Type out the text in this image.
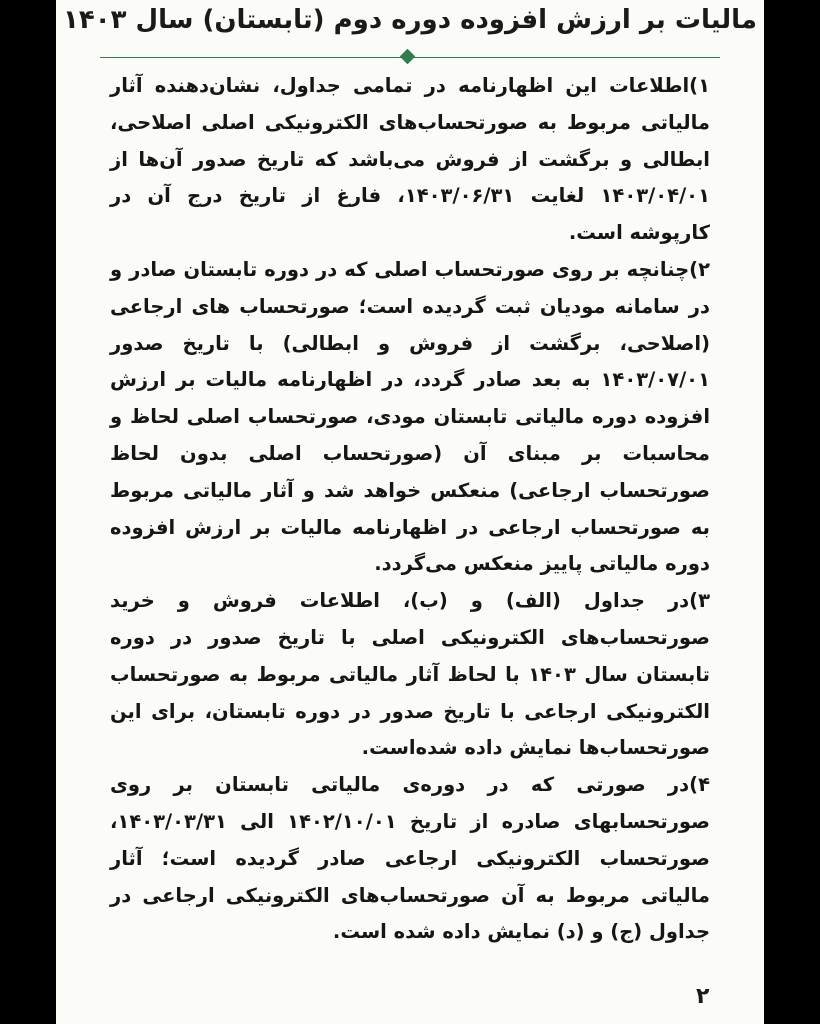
مالیات بر ارزش افزوده دوره دوم (تابستان) سال ۱۴۰۳

۱)اطلاعات این اظهارنامه در تمامی جداول، نشان‌دهنده آثار مالیاتی مربوط به صورتحساب‌های الکترونیکی اصلی اصلاحی، ابطالی و برگشت از فروش می‌باشد که تاریخ صدور آن‌ها از ۱۴۰۳/۰۴/۰۱ لغایت ۱۴۰۳/۰۶/۳۱، فارغ از تاریخ درج آن در کارپوشه است.

۲)چنانچه بر روی صورتحساب اصلی که در دوره تابستان صادر و در سامانه مودیان ثبت گردیده است؛ صورتحساب های ارجاعی (اصلاحی، برگشت از فروش و ابطالی) با تاریخ صدور ۱۴۰۳/۰۷/۰۱ به بعد صادر گردد، در اظهارنامه مالیات بر ارزش افزوده دوره مالیاتی تابستان مودی، صورتحساب اصلی لحاظ و محاسبات بر مبنای آن (صورتحساب اصلی بدون لحاظ صورتحساب ارجاعی) منعکس خواهد شد و آثار مالیاتی مربوط به صورتحساب ارجاعی در اظهارنامه مالیات بر ارزش افزوده دوره مالیاتی پاییز منعکس می‌گردد.

۳)در جداول (الف) و (ب)، اطلاعات فروش و خرید صورتحساب‌های الکترونیکی اصلی با تاریخ صدور در دوره تابستان سال ۱۴۰۳ با لحاظ آثار مالیاتی مربوط به صورتحساب الکترونیکی ارجاعی با تاریخ صدور در دوره تابستان، برای این صورتحساب‌ها نمایش داده شده‌است.

۴)در صورتی که در دوره‌ی مالیاتی تابستان بر روی صورتحسابهای صادره از تاریخ ۱۴۰۲/۱۰/۰۱ الی ۱۴۰۳/۰۳/۳۱، صورتحساب الکترونیکی ارجاعی صادر گردیده است؛ آثار مالیاتی مربوط به آن صورتحساب‌های الکترونیکی ارجاعی در جداول (ج) و (د) نمایش داده شده است.

۲
